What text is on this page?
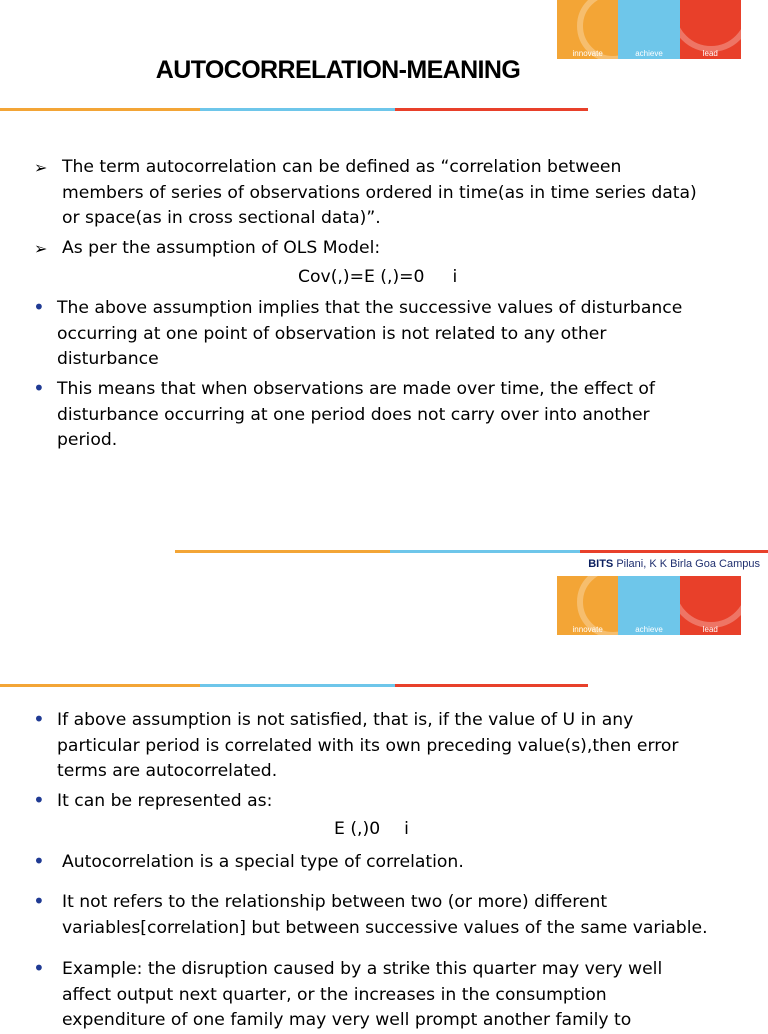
innovate	achieve	lead
AUTOCORRELATION-MEANING
➢ The term autocorrelation can be defined as “correlation between members of series of observations ordered in time(as in time series data) or space(as in cross sectional data)”.
➢ As per the assumption of OLS Model:
Cov(,)=E (,)=0 i
• The above assumption implies that the successive values of disturbance occurring at one point of observation is not related to any other disturbance
• This means that when observations are made over time, the effect of disturbance occurring at one period does not carry over into another period.
BITS Pilani, K K Birla Goa Campus
innovate	achieve	lead
• If above assumption is not satisfied, that is, if the value of U in any particular period is correlated with its own preceding value(s),then error terms are autocorrelated.
• It can be represented as:
E (,)0 i
• Autocorrelation is a special type of correlation.
• It not refers to the relationship between two (or more) different variables[correlation] but between successive values of the same variable.
• Example: the disruption caused by a strike this quarter may very well affect output next quarter, or the increases in the consumption expenditure of one family may very well prompt another family to
